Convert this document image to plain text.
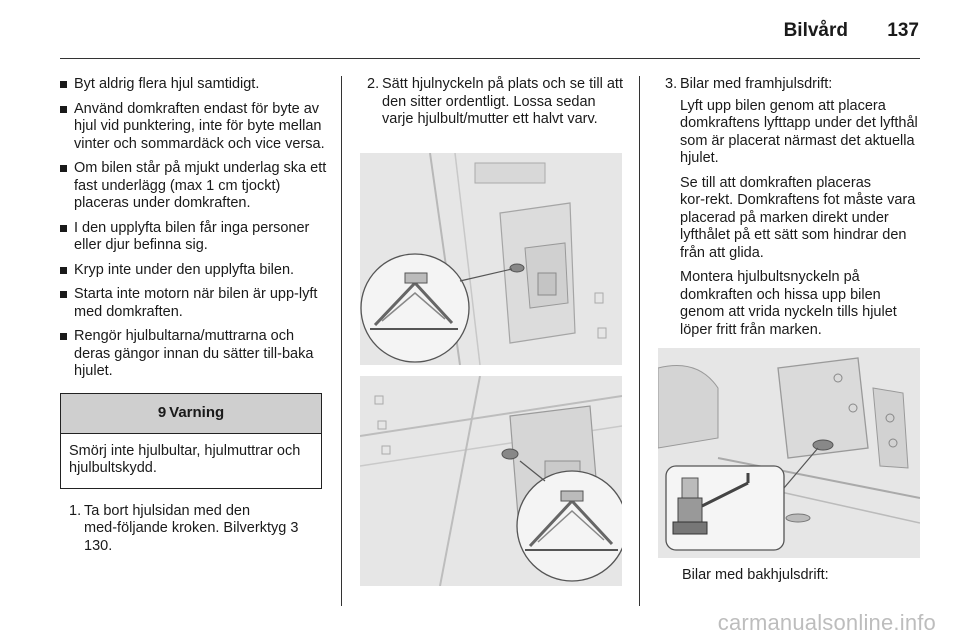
Bilvård 137
Byt aldrig flera hjul samtidigt.
Använd domkraften endast för byte av hjul vid punktering, inte för byte mellan vinter och sommardäck och vice versa.
Om bilen står på mjukt underlag ska ett fast underlägg (max 1 cm tjockt) placeras under domkraften.
I den upplyfta bilen får inga personer eller djur befinna sig.
Kryp inte under den upplyfta bilen.
Starta inte motorn när bilen är upp‑lyft med domkraften.
Rengör hjulbultarna/muttrarna och deras gängor innan du sätter till‑baka hjulet.
9 Varning
Smörj inte hjulbultar, hjulmuttrar och hjulbultskydd.
1. Ta bort hjulsidan med den med‑följande kroken. Bilverktyg 3 130.
2. Sätt hjulnyckeln på plats och se till att den sitter ordentligt. Lossa sedan varje hjulbult/mutter ett halvt varv.
3. Bilar med framhjulsdrift:

Lyft upp bilen genom att placera domkraftens lyfttapp under det lyfthål som är placerat närmast det aktuella hjulet.

Se till att domkraften placeras kor‑rekt. Domkraftens fot måste vara placerad på marken direkt under lyfthålet på ett sätt som hindrar den från att glida.

Montera hjulbultsnyckeln på domkraften och hissa upp bilen genom att vrida nyckeln tills hjulet löper fritt från marken.

Bilar med bakhjulsdrift:
carmanualsonline.info
